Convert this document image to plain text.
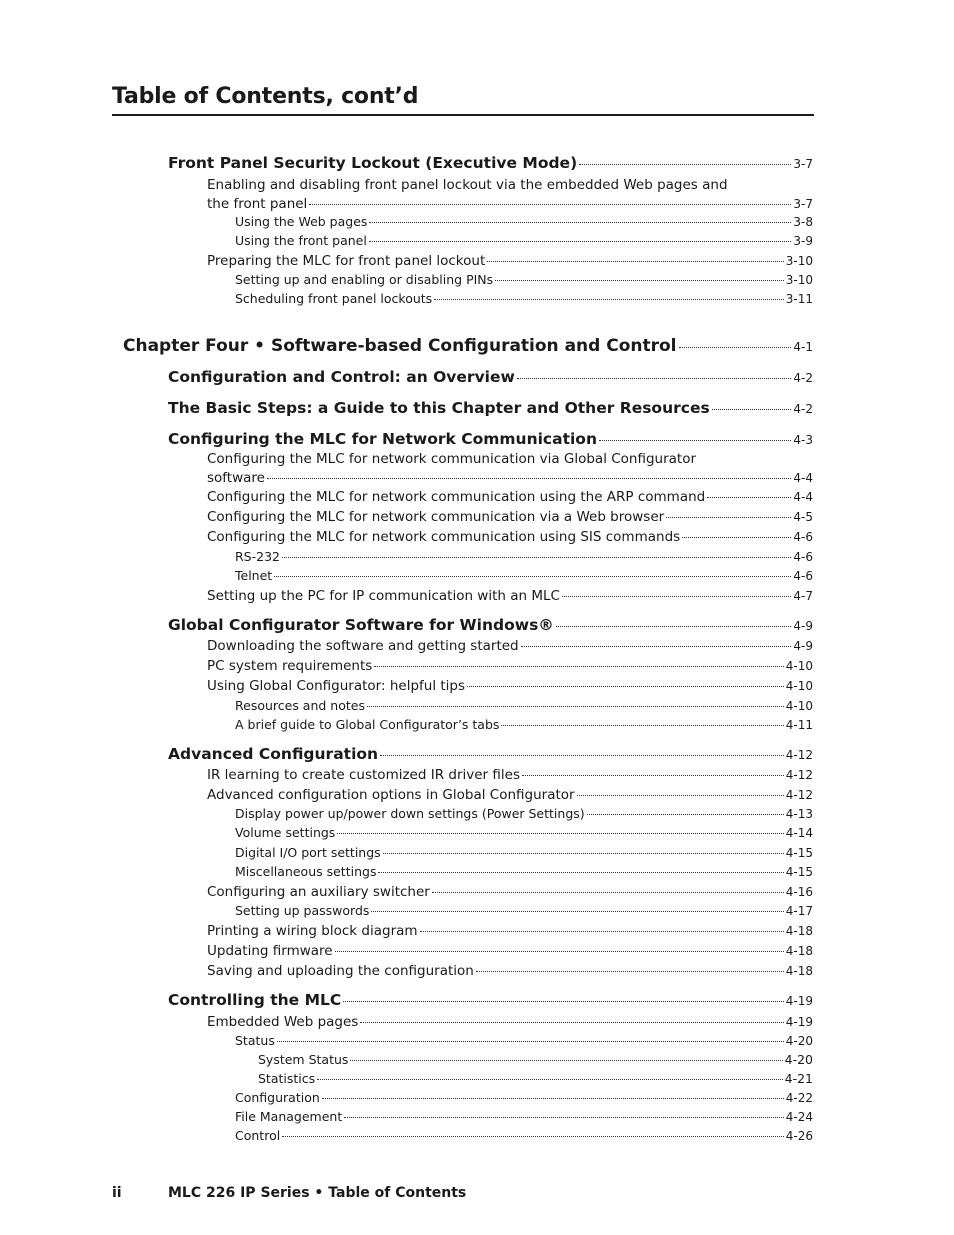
Table of Contents, cont’d
Front Panel Security Lockout (Executive Mode)	3-7
Enabling and disabling front panel lockout via the embedded Web pages and
the front panel	3-7
Using the Web pages	3-8
Using the front panel	3-9
Preparing the MLC for front panel lockout	3-10
Setting up and enabling or disabling PINs	3-10
Scheduling front panel lockouts	3-11
Chapter Four • Software-based Configuration and Control	4-1
Configuration and Control: an Overview	4-2
The Basic Steps: a Guide to this Chapter and Other Resources	4-2
Configuring the MLC for Network Communication	4-3
Configuring the MLC for network communication via Global Configurator
software	4-4
Configuring the MLC for network communication using the ARP command	4-4
Configuring the MLC for network communication via a Web browser	4-5
Configuring the MLC for network communication using SIS commands	4-6
RS-232	4-6
Telnet	4-6
Setting up the PC for IP communication with an MLC	4-7
Global Configurator Software for Windows®	4-9
Downloading the software and getting started	4-9
PC system requirements	4-10
Using Global Configurator: helpful tips	4-10
Resources and notes	4-10
A brief guide to Global Configurator’s tabs	4-11
Advanced Configuration	4-12
IR learning to create customized IR driver files	4-12
Advanced configuration options in Global Configurator	4-12
Display power up/power down settings (Power Settings)	4-13
Volume settings	4-14
Digital I/O port settings	4-15
Miscellaneous settings	4-15
Configuring an auxiliary switcher	4-16
Setting up passwords	4-17
Printing a wiring block diagram	4-18
Updating firmware	4-18
Saving and uploading the configuration	4-18
Controlling the MLC	4-19
Embedded Web pages	4-19
Status	4-20
System Status	4-20
Statistics	4-21
Configuration	4-22
File Management	4-24
Control	4-26
ii	MLC 226 IP Series • Table of Contents
